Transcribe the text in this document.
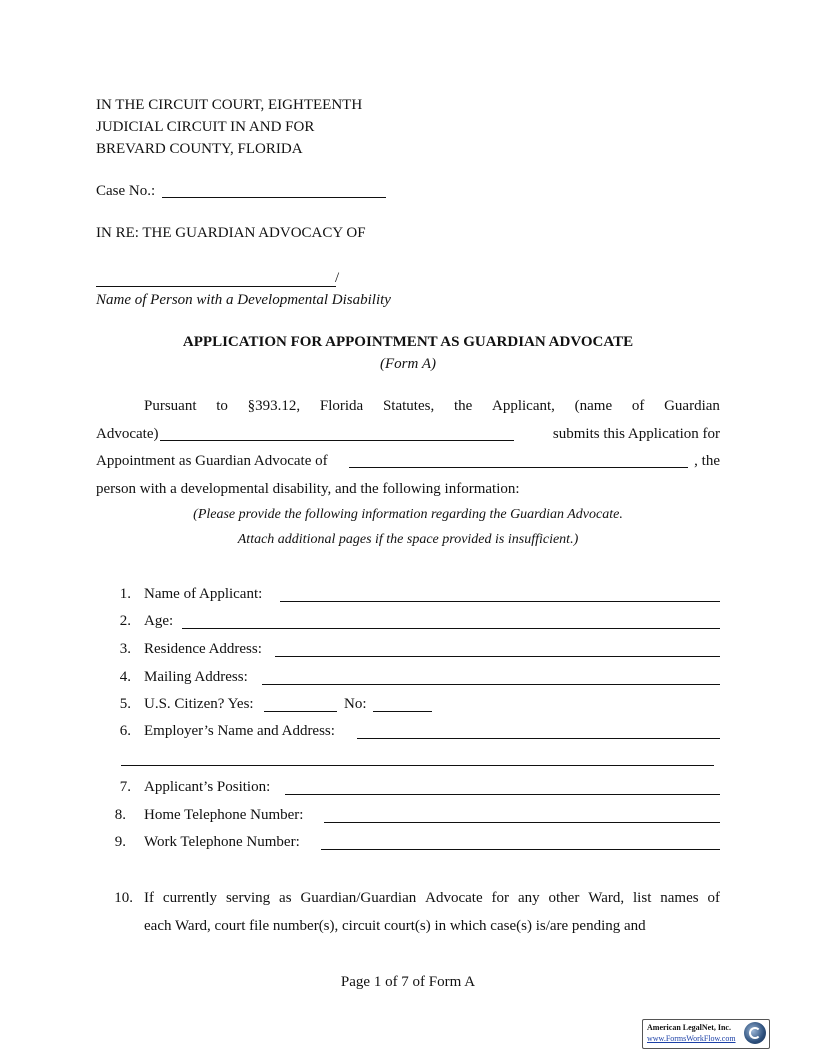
IN THE CIRCUIT COURT, EIGHTEENTH
JUDICIAL CIRCUIT IN AND FOR
BREVARD COUNTY, FLORIDA
Case No.:
IN RE: THE GUARDIAN ADVOCACY OF
/
Name of Person with a Developmental Disability
APPLICATION FOR APPOINTMENT AS GUARDIAN ADVOCATE
(Form A)
Pursuant to §393.12, Florida Statutes, the Applicant, (name of Guardian
Advocate)	submits this Application for
Appointment as Guardian Advocate of	, the
person with a developmental disability, and the following information:
(Please provide the following information regarding the Guardian Advocate.
Attach additional pages if the space provided is insufficient.)
1. Name of Applicant:
2. Age:
3. Residence Address:
4. Mailing Address:
5. U.S. Citizen? Yes:	No:
6. Employer’s Name and Address:
7. Applicant’s Position:
8. Home Telephone Number:
9. Work Telephone Number:
10. If currently serving as Guardian/Guardian Advocate for any other Ward, list names of
each Ward, court file number(s), circuit court(s) in which case(s) is/are pending and
Page 1 of 7 of Form A
American LegalNet, Inc.
www.FormsWorkFlow.com
